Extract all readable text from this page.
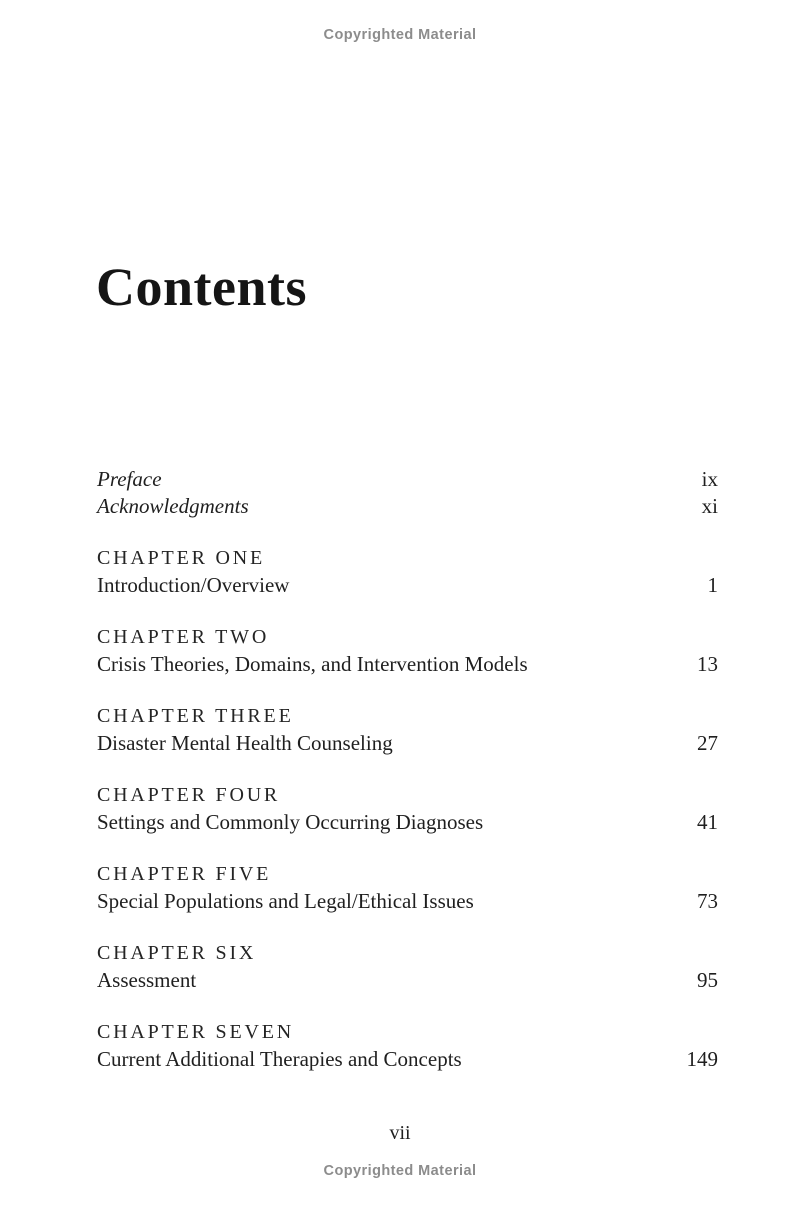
Copyrighted Material
Contents
Preface	ix
Acknowledgments	xi
CHAPTER ONE
Introduction/Overview	1
CHAPTER TWO
Crisis Theories, Domains, and Intervention Models	13
CHAPTER THREE
Disaster Mental Health Counseling	27
CHAPTER FOUR
Settings and Commonly Occurring Diagnoses	41
CHAPTER FIVE
Special Populations and Legal/Ethical Issues	73
CHAPTER SIX
Assessment	95
CHAPTER SEVEN
Current Additional Therapies and Concepts	149
vii
Copyrighted Material
